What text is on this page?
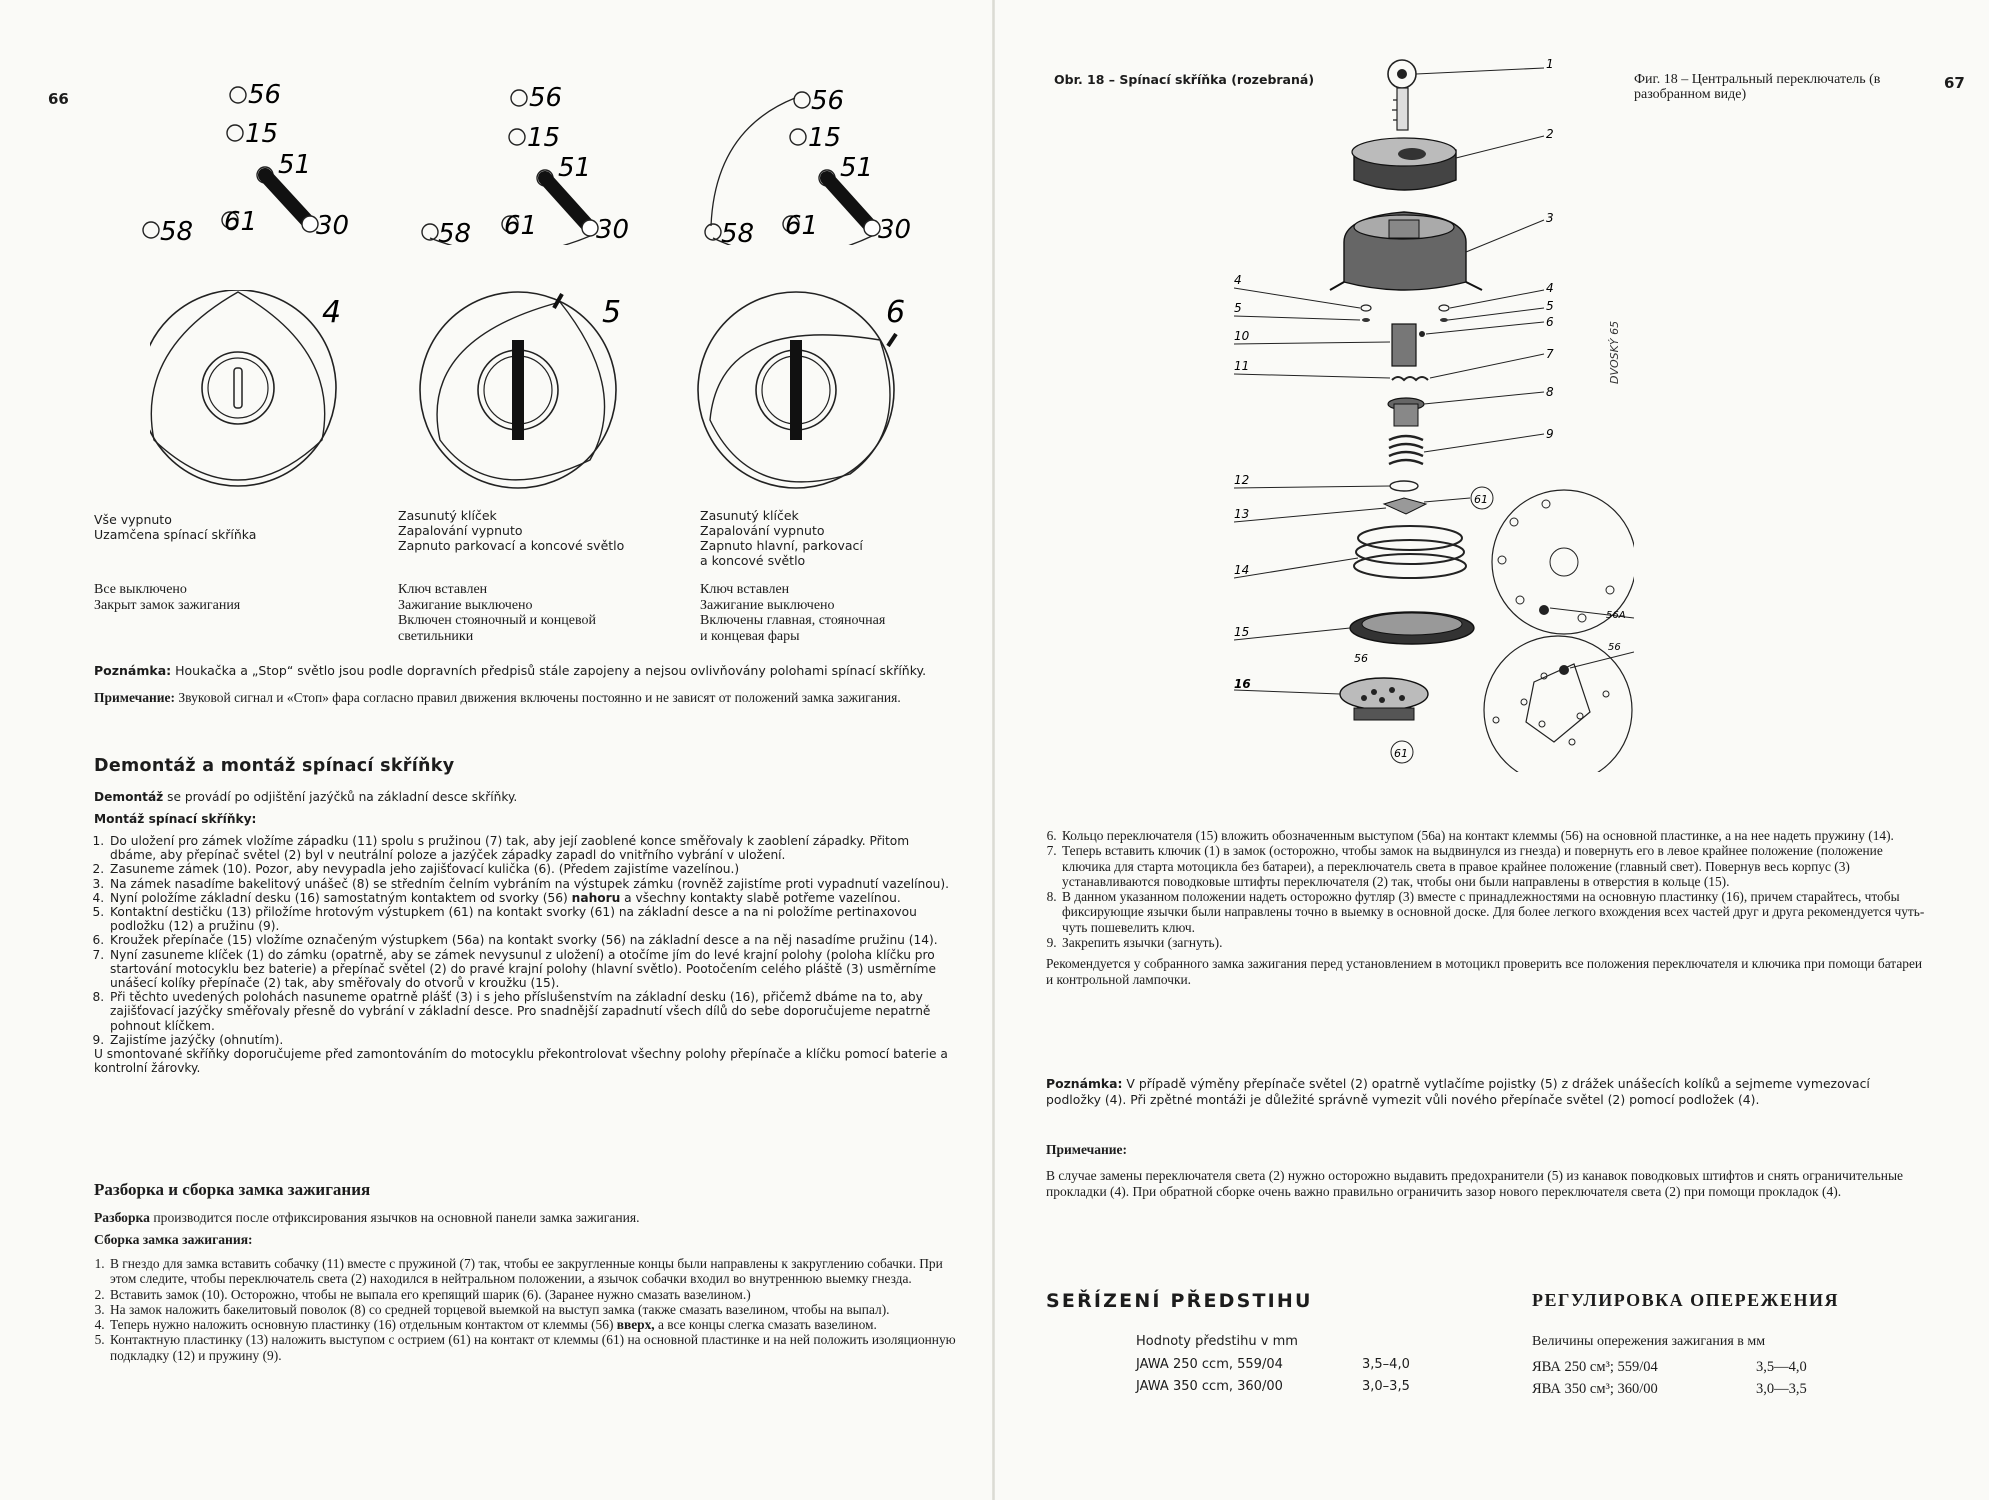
66	56
15
51
30
61
58
56
15
51
30
61
58
56
15
51
30
61
58
4	5	6
Vše vypnuto
Uzamčena spínací skříňka
Zasunutý klíček
Zapalování vypnuto
Zapnuto parkovací a koncové světlo
Zasunutý klíček
Zapalování vypnuto
Zapnuto hlavní, parkovací
a koncové světlo
Все выключено
Закрыт замок зажигания
Ключ вставлен
Зажигание выключено
Включен стояночный и концевой
светильники
Ключ вставлен
Зажигание выключено
Включены главная, стояночная
и концевая фары
Poznámka: Houkačka a „Stop“ světlo jsou podle dopravních předpisů stále zapojeny a nejsou ovlivňovány polohami spínací skříňky.
Примечание: Звуковой сигнал и «Стоп» фара согласно правил движения включены постоянно и не зависят от положений замка зажигания.
Demontáž a montáž spínací skříňky
Demontáž se provádí po odjištění jazýčků na základní desce skříňky.
Montáž spínací skříňky:
1. Do uložení pro zámek vložíme západku (11) spolu s pružinou (7) tak, aby její zaoblené konce směřovaly k zaoblení západky. Přitom dbáme, aby přepínač světel (2) byl v neutrální poloze a jazýček západky zapadl do vnitřního vybrání v uložení.
2. Zasuneme zámek (10). Pozor, aby nevypadla jeho zajišťovací kulička (6). (Předem zajistíme vazelínou.)
3. Na zámek nasadíme bakelitový unášeč (8) se středním čelním vybráním na výstupek zámku (rovněž zajistíme proti vypadnutí vazelínou).
4. Nyní položíme základní desku (16) samostatným kontaktem od svorky (56) nahoru a všechny kontakty slabě potřeme vazelínou.
5. Kontaktní destičku (13) přiložíme hrotovým výstupkem (61) na kontakt svorky (61) na základní desce a na ni položíme pertinaxovou podložku (12) a pružinu (9).
6. Kroužek přepínače (15) vložíme označeným výstupkem (56a) na kontakt svorky (56) na základní desce a na něj nasadíme pružinu (14).
7. Nyní zasuneme klíček (1) do zámku (opatrně, aby se zámek nevysunul z uložení) a otočíme jím do levé krajní polohy (poloha klíčku pro startování motocyklu bez baterie) a přepínač světel (2) do pravé krajní polohy (hlavní světlo). Pootočením celého pláště (3) usměrníme unášecí kolíky přepínače (2) tak, aby směřovaly do otvorů v kroužku (15).
8. Při těchto uvedených polohách nasuneme opatrně plášť (3) i s jeho příslušenstvím na základní desku (16), přičemž dbáme na to, aby zajišťovací jazýčky směřovaly přesně do vybrání v základní desce. Pro snadnější zapadnutí všech dílů do sebe doporučujeme nepatrně pohnout klíčkem.
9. Zajistíme jazýčky (ohnutím).
U smontované skříňky doporučujeme před zamontováním do motocyklu překontrolovat všechny polohy přepínače a klíčku pomocí baterie a kontrolní žárovky.
Разборка и сборка замка зажигания
Разборка производится после отфиксирования язычков на основной панели замка зажигания.
Сборка замка зажигания:
1. В гнездо для замка вставить собачку (11) вместе с пружиной (7) так, чтобы ее закругленные концы были направлены к закруглению собачки. При этом следите, чтобы переключатель света (2) находился в нейтральном положении, а язычок собачки входил во внутреннюю выемку гнезда.
2. Вставить замок (10). Осторожно, чтобы не выпала его крепящий шарик (6). (Заранее нужно смазать вазелином.)
3. На замок наложить бакелитовый поволок (8) со средней торцевой выемкой на выступ замка (также смазать вазелином, чтобы на выпал).
4. Теперь нужно наложить основную пластинку (16) отдельным контактом от клеммы (56) вверх, а все концы слегка смазать вазелином.
5. Контактную пластинку (13) наложить выступом с острием (61) на контакт от клеммы (61) на основной пластинке и на ней положить изоляционную подкладку (12) и пружину (9).
Obr. 18 – Spínací skříňka (rozebraná)	Фиг. 18 – Центральный переключатель (в разобранном виде)
67
1
2
3
4
5
6
7
8
9
4
5
10
11
12
13
14
15
16
61
61
56
56A
56
DVOSKÝ 65
6. Кольцо переключателя (15) вложить обозначенным выступом (56а) на контакт клеммы (56) на основной пластинке, а на нее надеть пружину (14).
7. Теперь вставить ключик (1) в замок (осторожно, чтобы замок на выдвинулся из гнезда) и повернуть его в левое крайнее положение (положение ключика для старта мотоцикла без батареи), а переключатель света в правое крайнее положение (главный свет). Повернув весь корпус (3) устанавливаются поводковые штифты переключателя (2) так, чтобы они были направлены в отверстия в кольце (15).
8. В данном указанном положении надеть осторожно футляр (3) вместе с принадлежностями на основную пластинку (16), причем старайтесь, чтобы фиксирующие язычки были направлены точно в выемку в основной доске. Для более легкого вхождения всех частей друг и друга рекомендуется чуть-чуть пошевелить ключ.
9. Закрепить язычки (загнуть).
Рекомендуется у собранного замка зажигания перед установлением в мотоцикл проверить все положения переключателя и ключика при помощи батареи и контрольной лампочки.
Poznámka: V případě výměny přepínače světel (2) opatrně vytlačíme pojistky (5) z drážek unášecích kolíků a sejmeme vymezovací podložky (4). Při zpětné montáži je důležité správně vymezit vůli nového přepínače světel (2) pomocí podložek (4).
Примечание:
В случае замены переключателя света (2) нужно осторожно выдавить предохранители (5) из канавок поводковых штифтов и снять ограничительные прокладки (4). При обратной сборке очень важно правильно ограничить зазор нового переключателя света (2) при помощи прокладок (4).
SEŘÍZENÍ PŘEDSTIHU	РЕГУЛИРОВКА ОПЕРЕЖЕНИЯ
Hodnoty předstihu v mm	Величины опережения зажигания в мм
JAWA 250 ccm, 559/04	3,5–4,0
JAWA 350 ccm, 360/00	3,0–3,5
ЯВА 250 см³; 559/04	3,5—4,0
ЯВА 350 см³; 360/00	3,0—3,5
